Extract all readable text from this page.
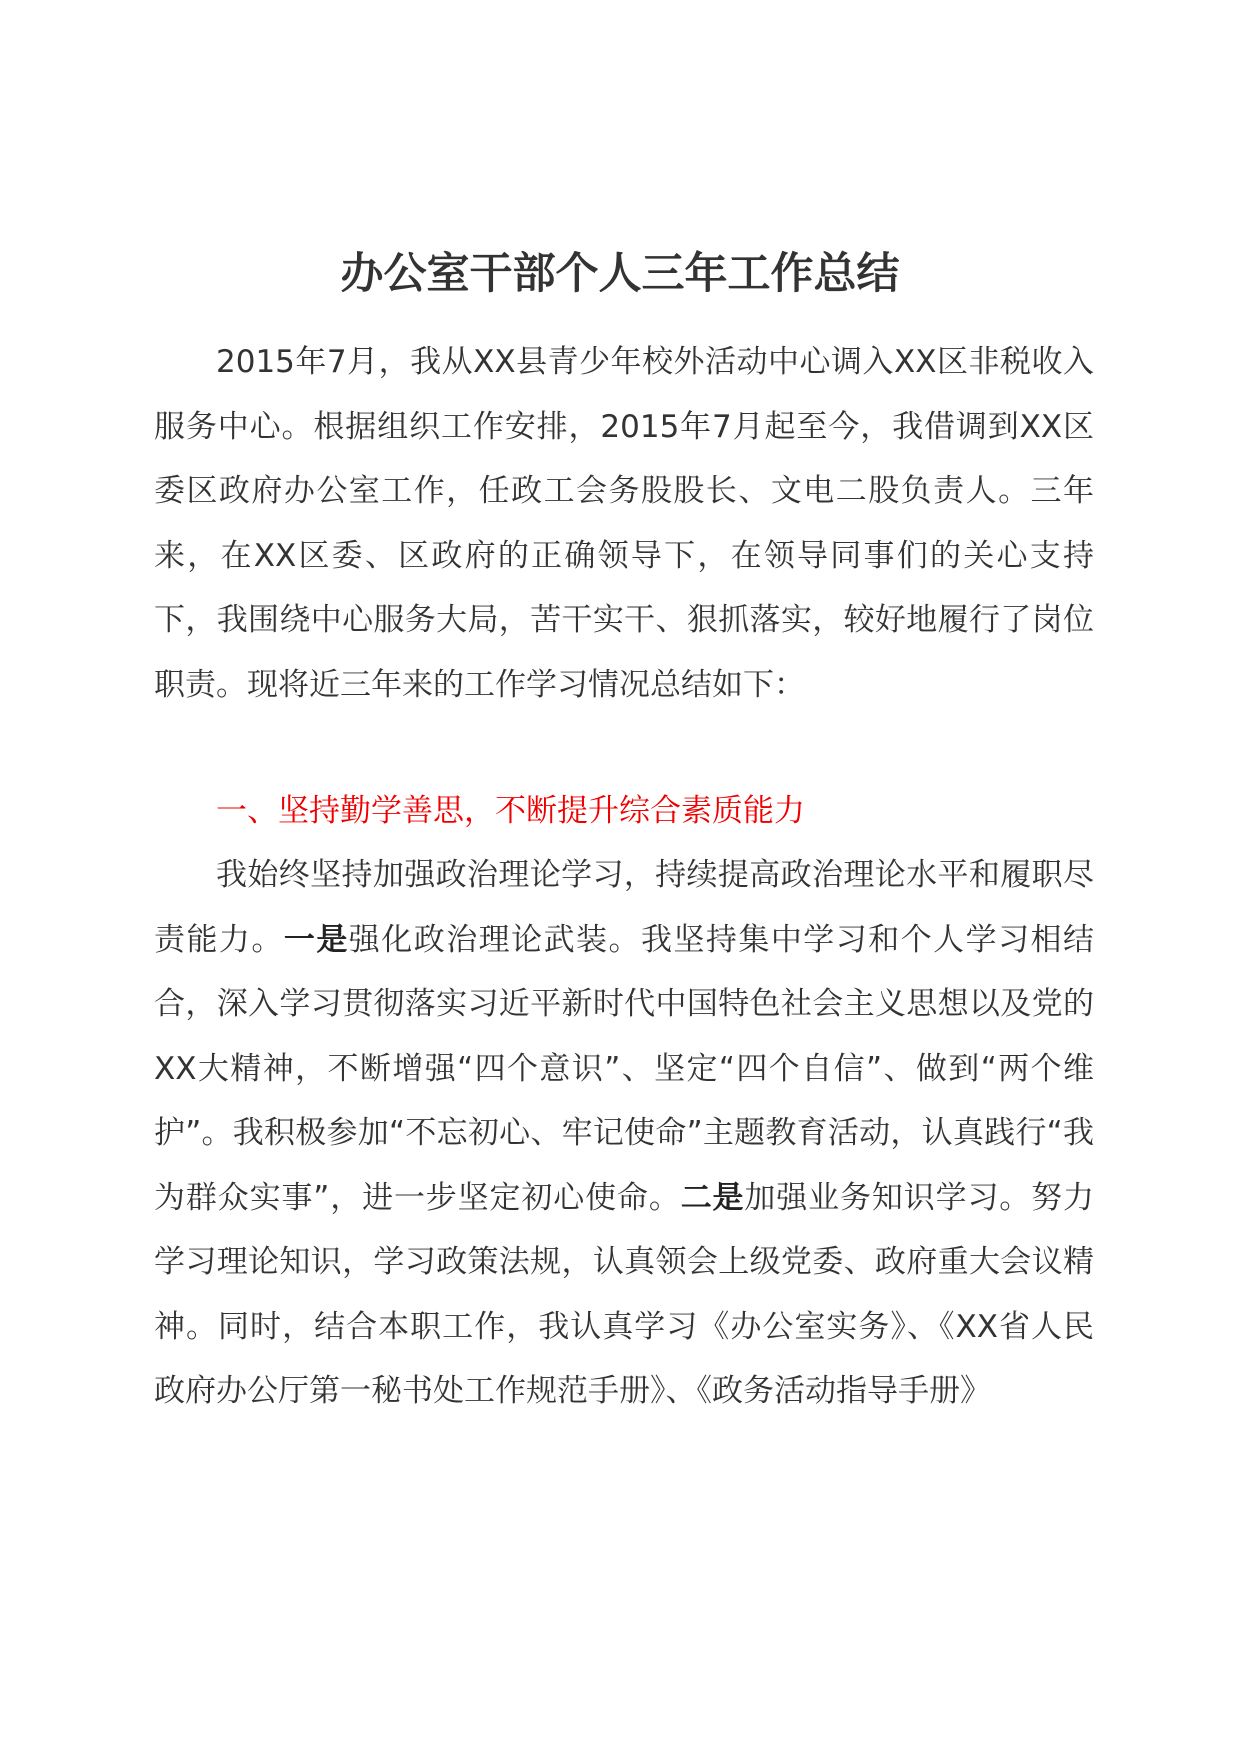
办公室干部个人三年工作总结

2015年7月，我从XX县青少年校外活动中心调入XX区非税收入服务中心。根据组织工作安排，2015年7月起至今，我借调到XX区委区政府办公室工作，任政工会务股股长、文电二股负责人。三年来，在XX区委、区政府的正确领导下，在领导同事们的关心支持下，我围绕中心服务大局，苦干实干、狠抓落实，较好地履行了岗位职责。现将近三年来的工作学习情况总结如下：

一、坚持勤学善思，不断提升综合素质能力

我始终坚持加强政治理论学习，持续提高政治理论水平和履职尽责能力。一是强化政治理论武装。我坚持集中学习和个人学习相结合，深入学习贯彻落实习近平新时代中国特色社会主义思想以及党的XX大精神，不断增强“四个意识”、坚定“四个自信”、做到“两个维护”。我积极参加“不忘初心、牢记使命”主题教育活动，认真践行“我为群众实事”，进一步坚定初心使命。二是加强业务知识学习。努力学习理论知识，学习政策法规，认真领会上级党委、政府重大会议精神。同时，结合本职工作，我认真学习《办公室实务》、《XX省人民政府办公厅第一秘书处工作规范手册》、《政务活动指导手册》
